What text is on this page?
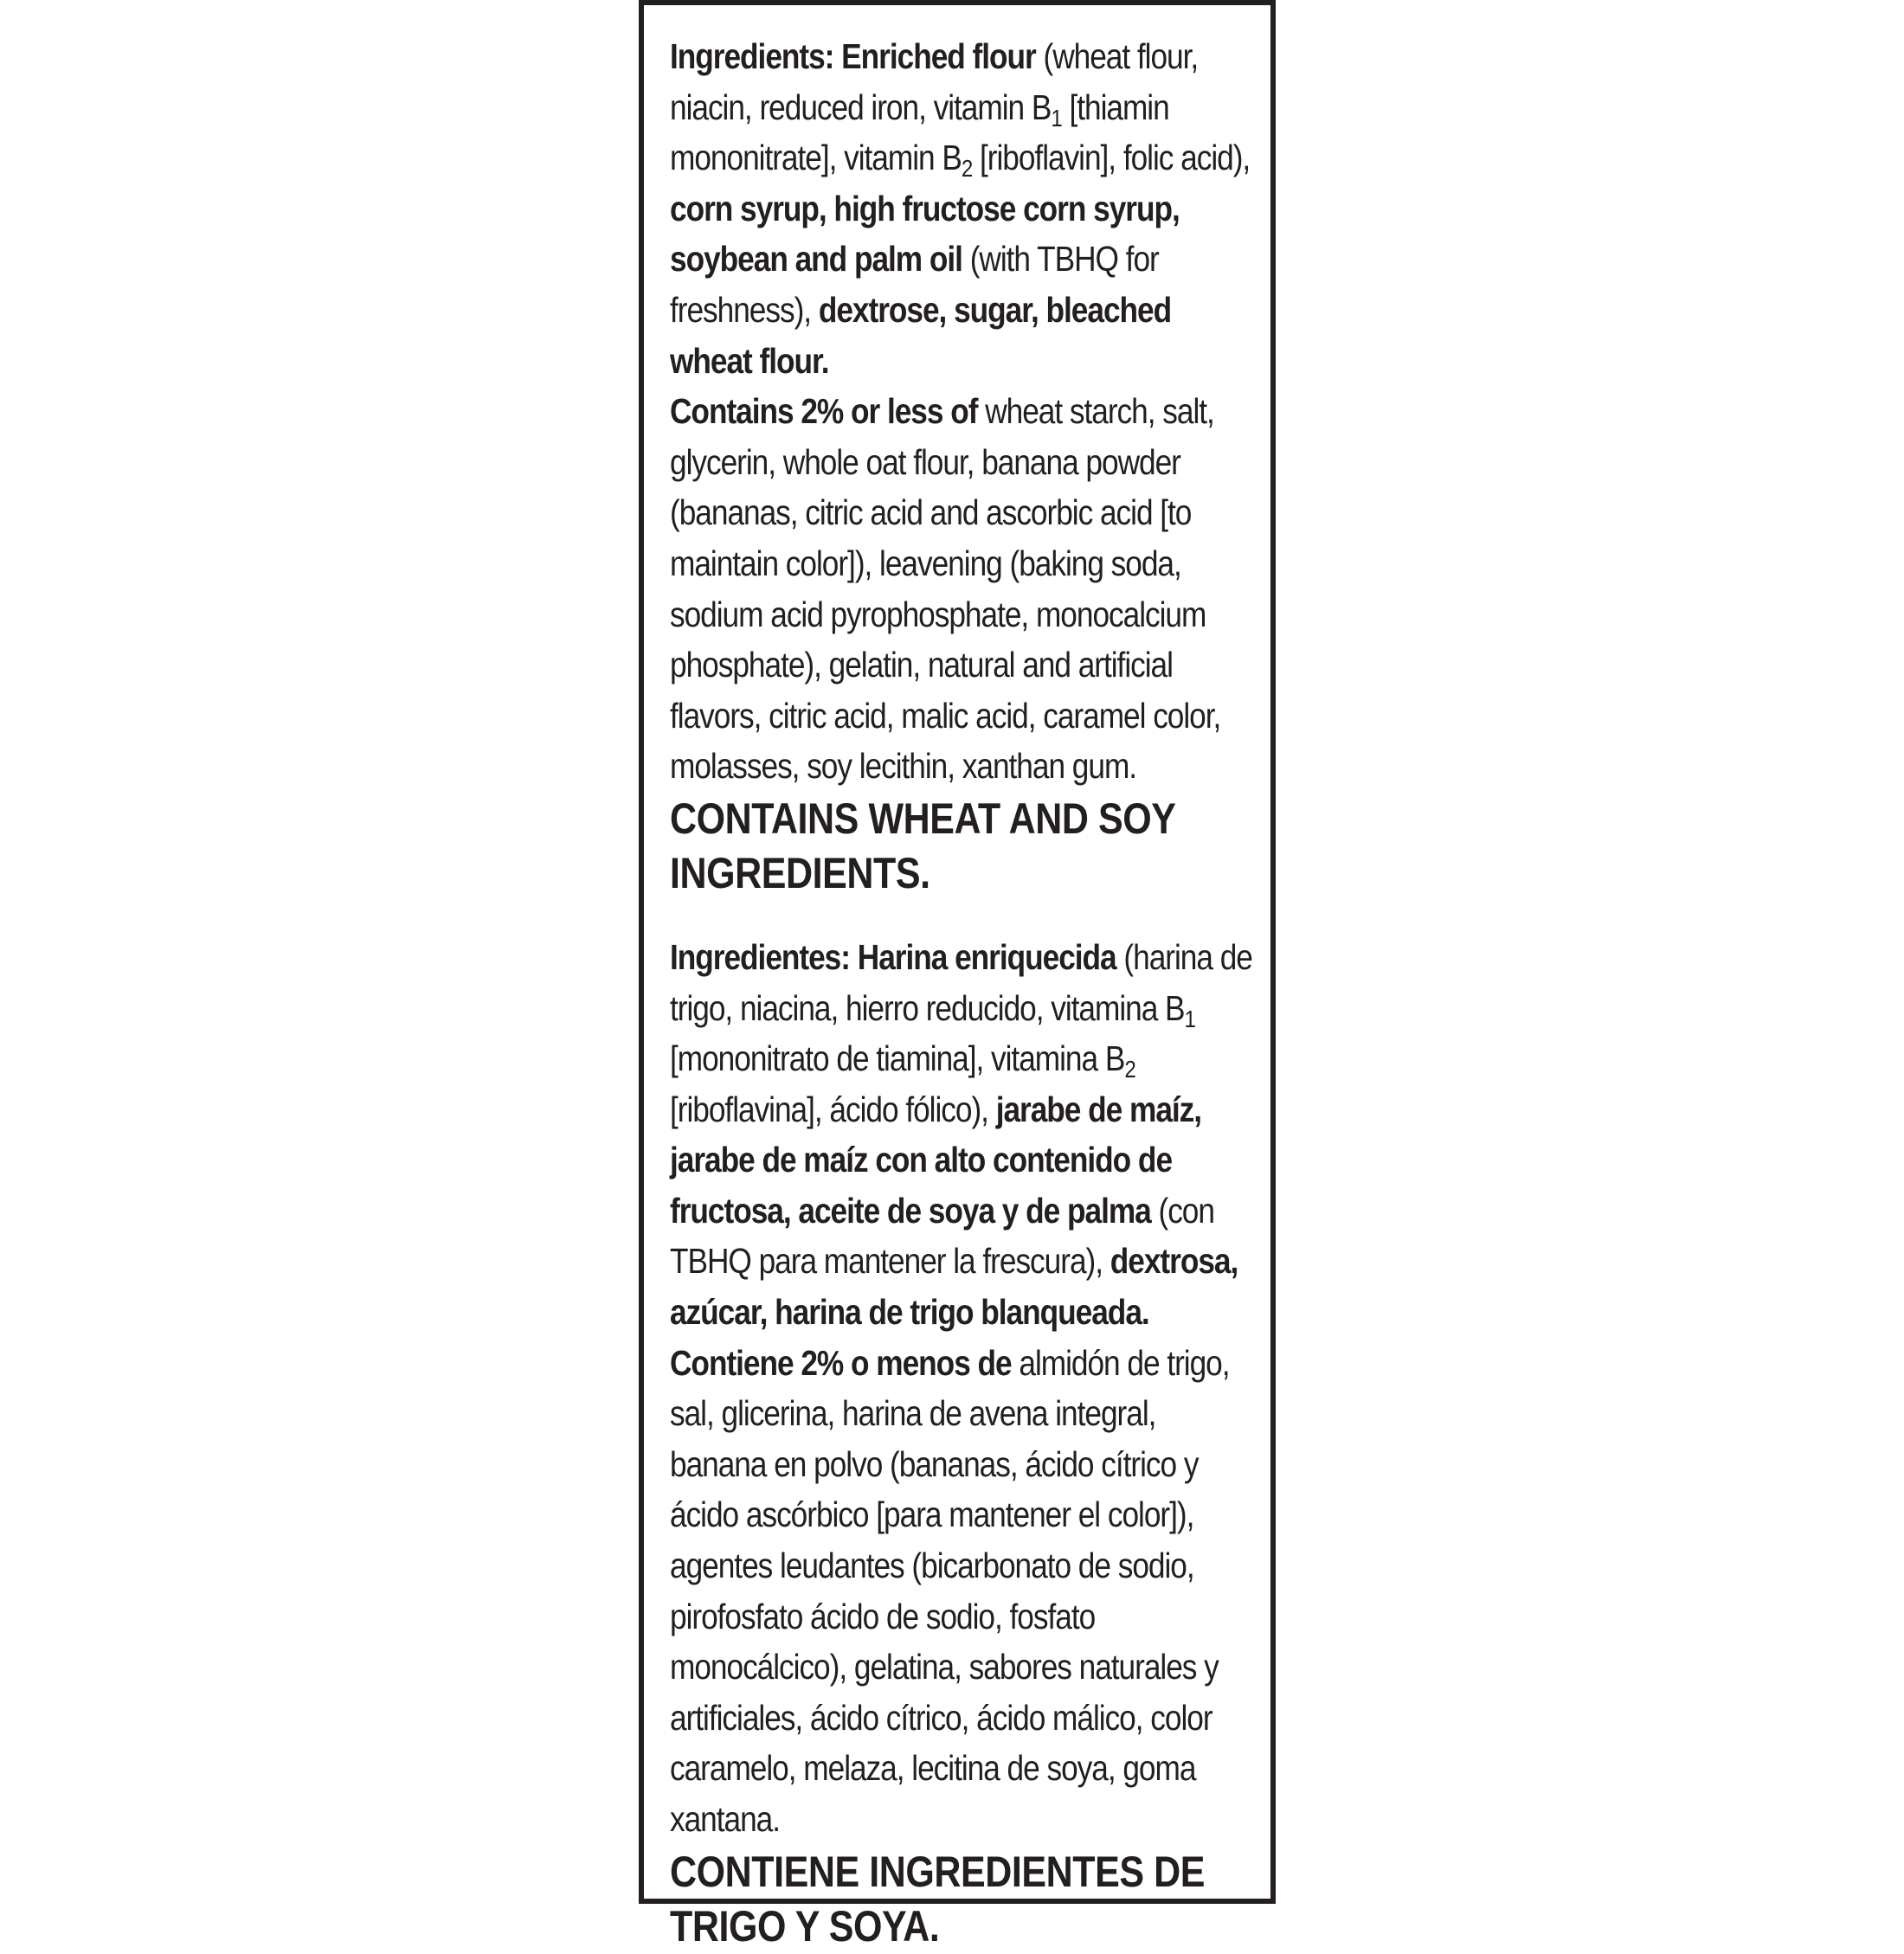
Ingredients: Enriched flour (wheat flour, niacin, reduced iron, vitamin $B_1$ [thiamin mononitrate], vitamin $B_2$ [riboflavin], folic acid), corn syrup, high fructose corn syrup, soybean and palm oil (with TBHQ for freshness), dextrose, sugar, bleached wheat flour.

Contains 2% or less of wheat starch, salt, glycerin, whole oat flour, banana powder (bananas, citric acid and ascorbic acid [to maintain color]), leavening (baking soda, sodium acid pyrophosphate, monocalcium phosphate), gelatin, natural and artificial flavors, citric acid, malic acid, caramel color, molasses, soy lecithin, xanthan gum.

CONTAINS WHEAT AND SOY INGREDIENTS.

Ingredientes: Harina enriquecida (harina de trigo, niacina, hierro reducido, vitamina $B_1$ [mononitrato de tiamina], vitamina $B_2$ [riboflavina], ácido fólico), jarabe de maíz, jarabe de maíz con alto contenido de fructosa, aceite de soya y de palma (con TBHQ para mantener la frescura), dextrosa, azúcar, harina de trigo blanqueada.

Contiene 2% o menos de almidón de trigo, sal, glicerina, harina de avena integral, banana en polvo (bananas, ácido cítrico y ácido ascórbico [para mantener el color]), agentes leudantes (bicarbonato de sodio, pirofosfato ácido de sodio, fosfato monocálcico), gelatina, sabores naturales y artificiales, ácido cítrico, ácido málico, color caramelo, melaza, lecitina de soya, goma xantana.

CONTIENE INGREDIENTES DE TRIGO Y SOYA.
